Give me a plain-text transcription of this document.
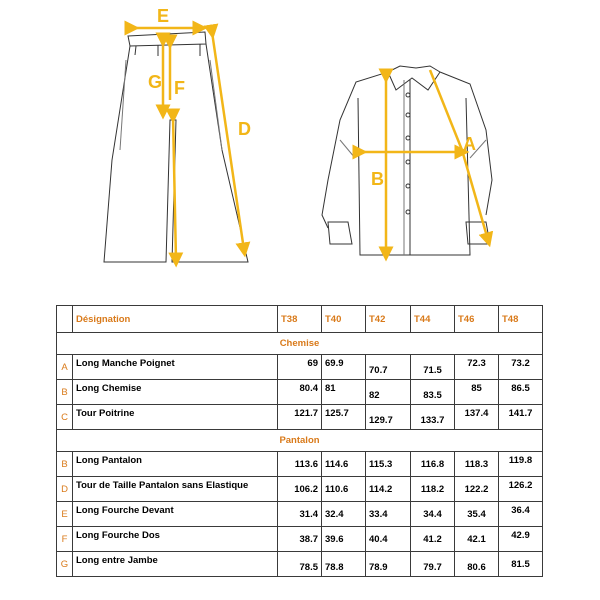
E
G F
D
A
B
	Désignation	T38	T40	T42	T44	T46	T48
Chemise							
A	Long Manche Poignet	69	69.9	70.7	71.5	72.3	73.2
B	Long Chemise	80.4	81	82	83.5	85	86.5
C	Tour Poitrine	121.7	125.7	129.7	133.7	137.4	141.7
Pantalon							
B	Long Pantalon	113.6	114.6	115.3	116.8	118.3	119.8
D	Tour de Taille Pantalon sans Elastique	106.2	110.6	114.2	118.2	122.2	126.2
E	Long Fourche Devant	31.4	32.4	33.4	34.4	35.4	36.4
F	Long Fourche Dos	38.7	39.6	40.4	41.2	42.1	42.9
G	Long entre Jambe	78.5	78.8	78.9	79.7	80.6	81.5
